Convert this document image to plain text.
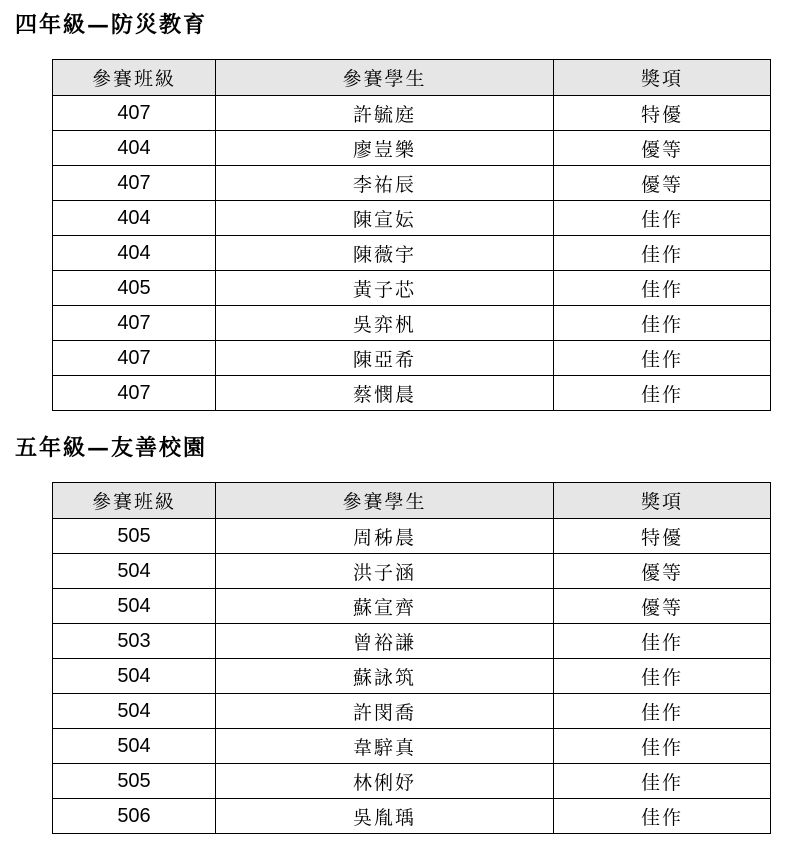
四年級—防災教育
參賽班級	參賽學生	獎項
407	許毓庭	特優
404	廖豈樂	優等
407	李祐辰	優等
404	陳宣妘	佳作
404	陳薇宇	佳作
405	黃子芯	佳作
407	吳弈杋	佳作
407	陳亞希	佳作
407	蔡憫晨	佳作
五年級—友善校園
參賽班級	參賽學生	獎項
505	周秭晨	特優
504	洪子涵	優等
504	蘇宣齊	優等
503	曾裕謙	佳作
504	蘇詠筑	佳作
504	許閔喬	佳作
504	韋騂真	佳作
505	林俐妤	佳作
506	吳胤瑀	佳作
